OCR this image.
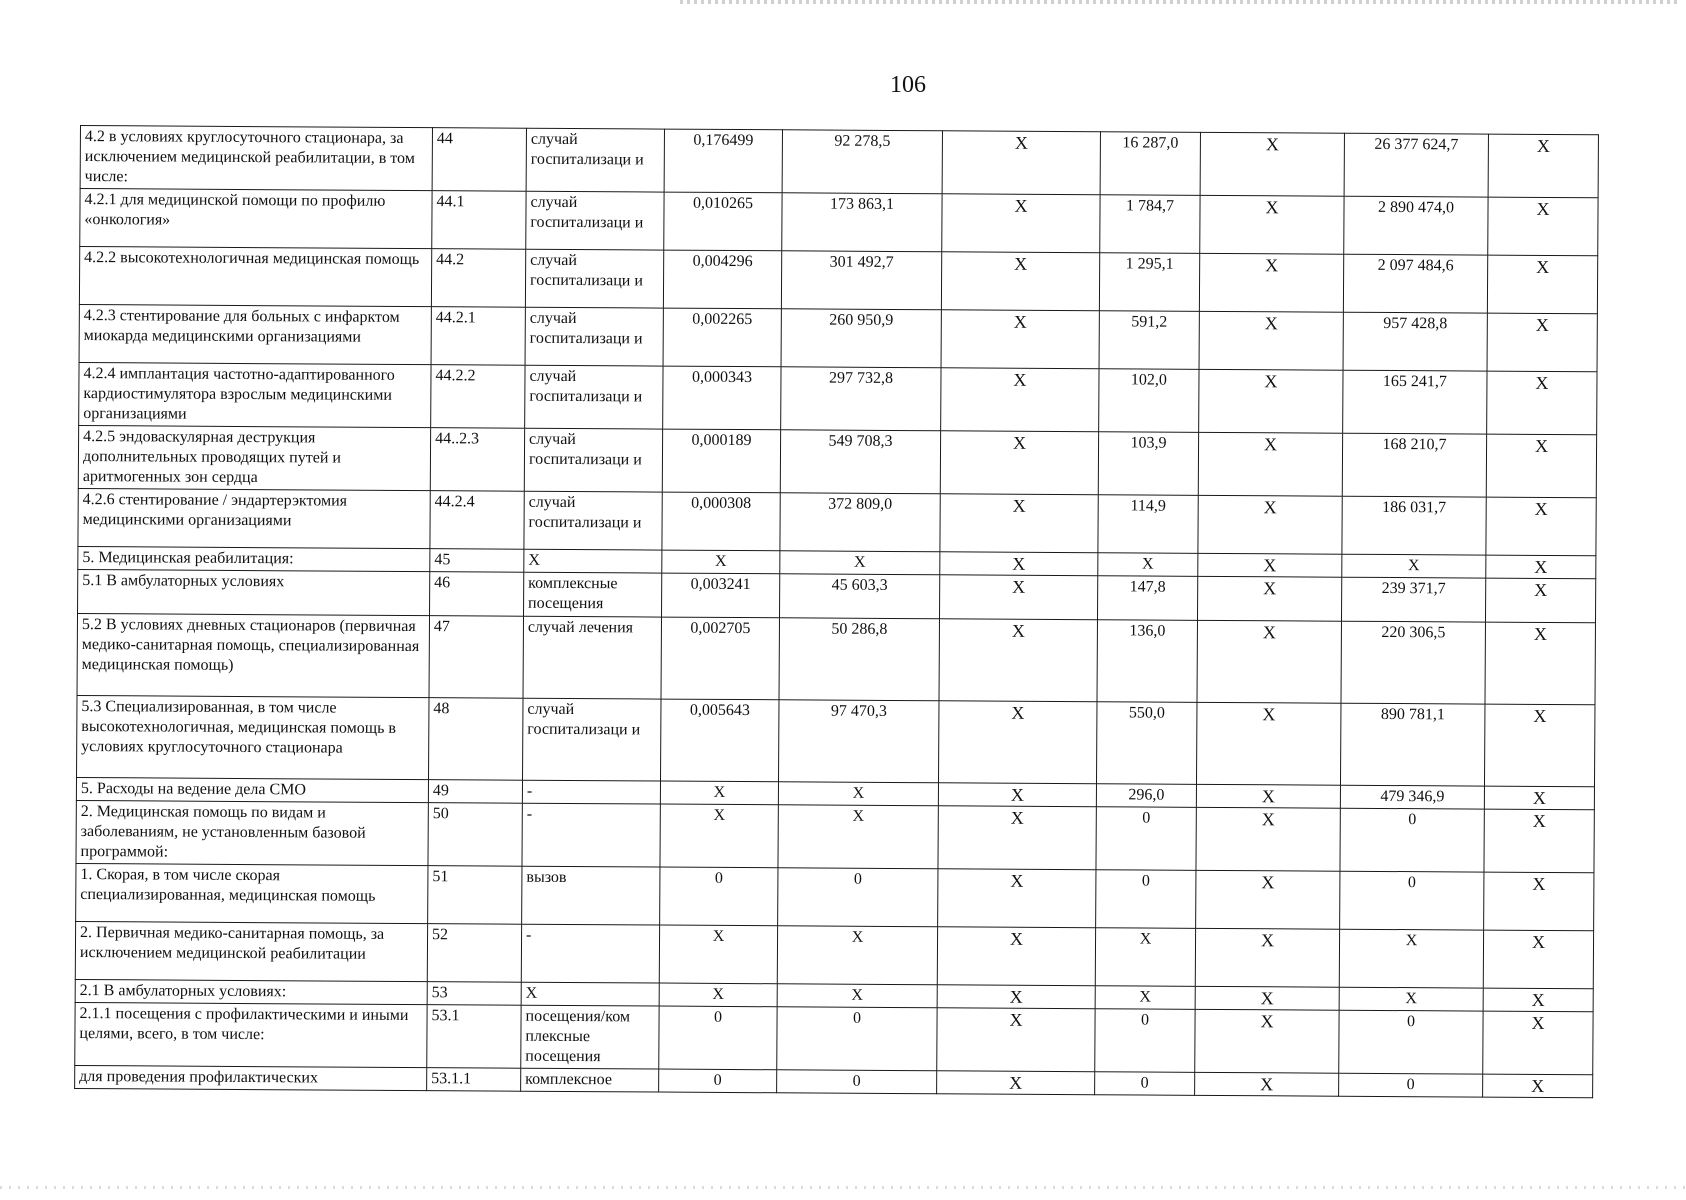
106
4.2 в условиях круглосуточного стационара, за исключением медицинской реабилитации, в том числе:	44	случай госпитализаци и	0,176499	92 278,5	X	16 287,0	X	26 377 624,7	X
4.2.1 для медицинской помощи по профилю «онкология»	44.1	случай госпитализаци и	0,010265	173 863,1	X	1 784,7	X	2 890 474,0	X
4.2.2 высокотехнологичная медицинская помощь	44.2	случай госпитализаци и	0,004296	301 492,7	X	1 295,1	X	2 097 484,6	X
4.2.3 стентирование для больных с инфарктом миокарда медицинскими организациями	44.2.1	случай госпитализаци и	0,002265	260 950,9	X	591,2	X	957 428,8	X
4.2.4 имплантация частотно-адаптированного кардиостимулятора взрослым медицинскими организациями	44.2.2	случай госпитализаци и	0,000343	297 732,8	X	102,0	X	165 241,7	X
4.2.5 эндоваскулярная деструкция дополнительных проводящих путей и аритмогенных зон сердца	44..2.3	случай госпитализаци и	0,000189	549 708,3	X	103,9	X	168 210,7	X
4.2.6 стентирование / эндартерэктомия медицинскими организациями	44.2.4	случай госпитализаци и	0,000308	372 809,0	X	114,9	X	186 031,7	X
5. Медицинская реабилитация:	45	X	X	X	X	X	X	X	X
5.1 В амбулаторных условиях	46	комплексные посещения	0,003241	45 603,3	X	147,8	X	239 371,7	X
5.2 В условиях дневных стационаров (первичная медико-санитарная помощь, специализированная медицинская помощь)	47	случай лечения	0,002705	50 286,8	X	136,0	X	220 306,5	X
5.3 Специализированная, в том числе высокотехнологичная, медицинская помощь в условиях круглосуточного стационара	48	случай госпитализаци и	0,005643	97 470,3	X	550,0	X	890 781,1	X
5. Расходы на ведение дела СМО	49	-	X	X	X	296,0	X	479 346,9	X
2. Медицинская помощь по видам и заболеваниям, не установленным базовой программой:	50	-	X	X	X	0	X	0	X
1. Скорая, в том числе скорая специализированная, медицинская помощь	51	вызов	0	0	X	0	X	0	X
2. Первичная медико-санитарная помощь, за исключением медицинской реабилитации	52	-	X	X	X	X	X	X	X
2.1 В амбулаторных условиях:	53	X	X	X	X	X	X	X	X
2.1.1 посещения с профилактическими и иными целями, всего, в том числе:	53.1	посещения/ком плексные посещения	0	0	X	0	X	0	X
для проведения профилактических	53.1.1	комплексное	0	0	X	0	X	0	X
